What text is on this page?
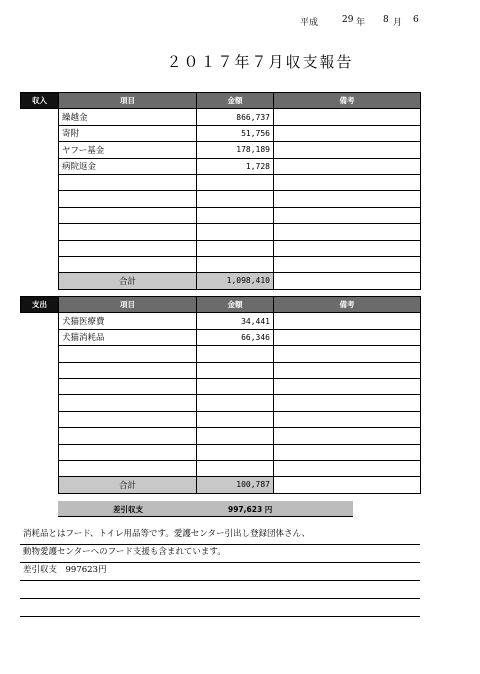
平成	29 年 8 月 6
２０１７年７月収支報告
収入	項目	金額	備考
	繰越金	866,737	
	寄附	51,756	
	ヤフー基金	178,189	
	病院返金	1,728	

	合計	1,098,410	
支出	項目	金額	備考
	犬猫医療費	34,441	
	犬猫消耗品	66,346	

	合計	100,787	
差引収支	997,623 円
消耗品とはフード、トイレ用品等です。愛護センター引出し登録団体さん、
動物愛護センターへのフード支援も含まれています。
差引収支　997623円
